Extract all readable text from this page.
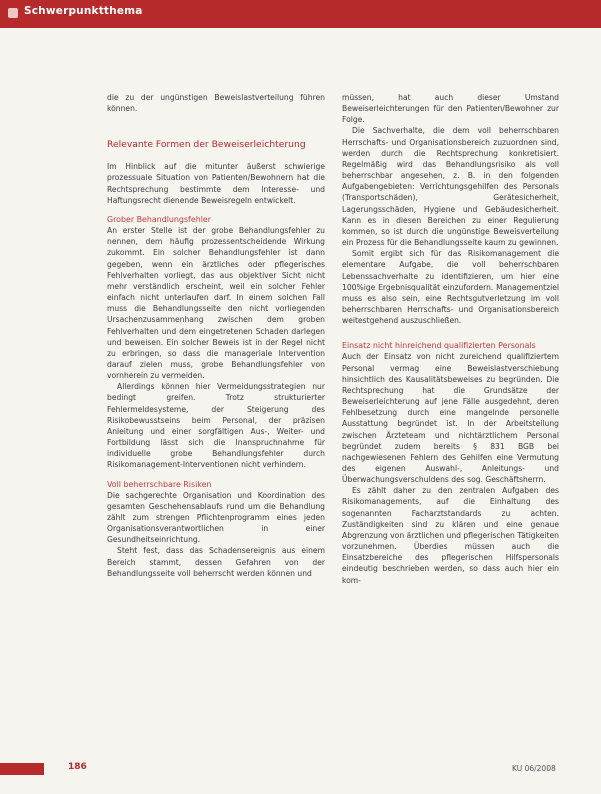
Schwerpunktthema

die zu der ungünstigen Beweislastverteilung führen können.

Relevante Formen der Beweiserleichterung

Im Hinblick auf die mitunter äußerst schwierige prozessuale Situation von Patienten/Bewohnern hat die Rechtsprechung bestimmte dem Interesse- und Haftungsrecht dienende Beweisregeln entwickelt.

Grober Behandlungsfehler

An erster Stelle ist der grobe Behandlungsfehler zu nennen, dem häufig prozessentscheidende Wirkung zukommt. Ein solcher Behandlungsfehler ist dann gegeben, wenn ein ärztliches oder pflegerisches Fehlverhalten vorliegt, das aus objektiver Sicht nicht mehr verständlich erscheint, weil ein solcher Fehler einfach nicht unterlaufen darf. In einem solchen Fall muss die Behandlungsseite den nicht vorliegenden Ursachenzusammenhang zwischen dem groben Fehlverhalten und dem eingetretenen Schaden darlegen und beweisen. Ein solcher Beweis ist in der Regel nicht zu erbringen, so dass die manageriale Intervention darauf zielen muss, grobe Behandlungsfehler von vornherein zu vermeiden.

Allerdings können hier Vermeidungsstrategien nur bedingt greifen. Trotz strukturierter Fehlermeldesysteme, der Steigerung des Risikobewusstseins beim Personal, der präzisen Anleitung und einer sorgfältigen Aus-, Weiter- und Fortbildung lässt sich die Inanspruchnahme für individuelle grobe Behandlungsfehler durch Risikomanagement-Interventionen nicht verhindern.

Voll beherrschbare Risiken

Die sachgerechte Organisation und Koordination des gesamten Geschehensablaufs rund um die Behandlung zählt zum strengen Pflichtenprogramm eines jeden Organisationsverantwortlichen in einer Gesundheitseinrichtung.

Steht fest, dass das Schadensereignis aus einem Bereich stammt, dessen Gefahren von der Behandlungsseite voll beherrscht werden können und

müssen, hat auch dieser Umstand Beweiserleichterungen für den Patienten/Bewohner zur Folge.

Die Sachverhalte, die dem voll beherrschbaren Herrschafts- und Organisationsbereich zuzuordnen sind, werden durch die Rechtsprechung konkretisiert. Regelmäßig wird das Behandlungsrisiko als voll beherrschbar angesehen, z. B. in den folgenden Aufgabengebieten: Verrichtungsgehilfen des Personals (Transportschäden), Gerätesicherheit, Lagerungsschäden, Hygiene und Gebäudesicherheit. Kann es in diesen Bereichen zu einer Regulierung kommen, so ist durch die ungünstige Beweisverteilung ein Prozess für die Behandlungsseite kaum zu gewinnen.

Somit ergibt sich für das Risikomanagement die elementare Aufgabe, die voll beherrschbaren Lebenssachverhalte zu identifizieren, um hier eine 100%ige Ergebnisqualität einzufordern. Managementziel muss es also sein, eine Rechtsgutverletzung im voll beherrschbaren Herrschafts- und Organisationsbereich weitestgehend auszuschließen.

Einsatz nicht hinreichend qualifizierten Personals

Auch der Einsatz von nicht zureichend qualifiziertem Personal vermag eine Beweislastverschiebung hinsichtlich des Kausalitätsbeweises zu begründen. Die Rechtsprechung hat die Grundsätze der Beweiserleichterung auf jene Fälle ausgedehnt, deren Fehlbesetzung durch eine mangelnde personelle Ausstattung begründet ist. In der Arbeitsteilung zwischen Ärzteteam und nichtärztlichem Personal begründet zudem bereits § 831 BGB bei nachgewiesenen Fehlern des Gehilfen eine Vermutung des eigenen Auswahl-, Anleitungs- und Überwachungsverschuldens des sog. Geschäftsherrn.

Es zählt daher zu den zentralen Aufgaben des Risikomanagements, auf die Einhaltung des sogenannten Facharztstandards zu achten. Zuständigkeiten sind zu klären und eine genaue Abgrenzung von ärztlichen und pflegerischen Tätigkeiten vorzunehmen. Überdies müssen auch die Einsatzbereiche des pflegerischen Hilfspersonals eindeutig beschrieben werden, so dass auch hier ein kom-

186	KU 06/2008
